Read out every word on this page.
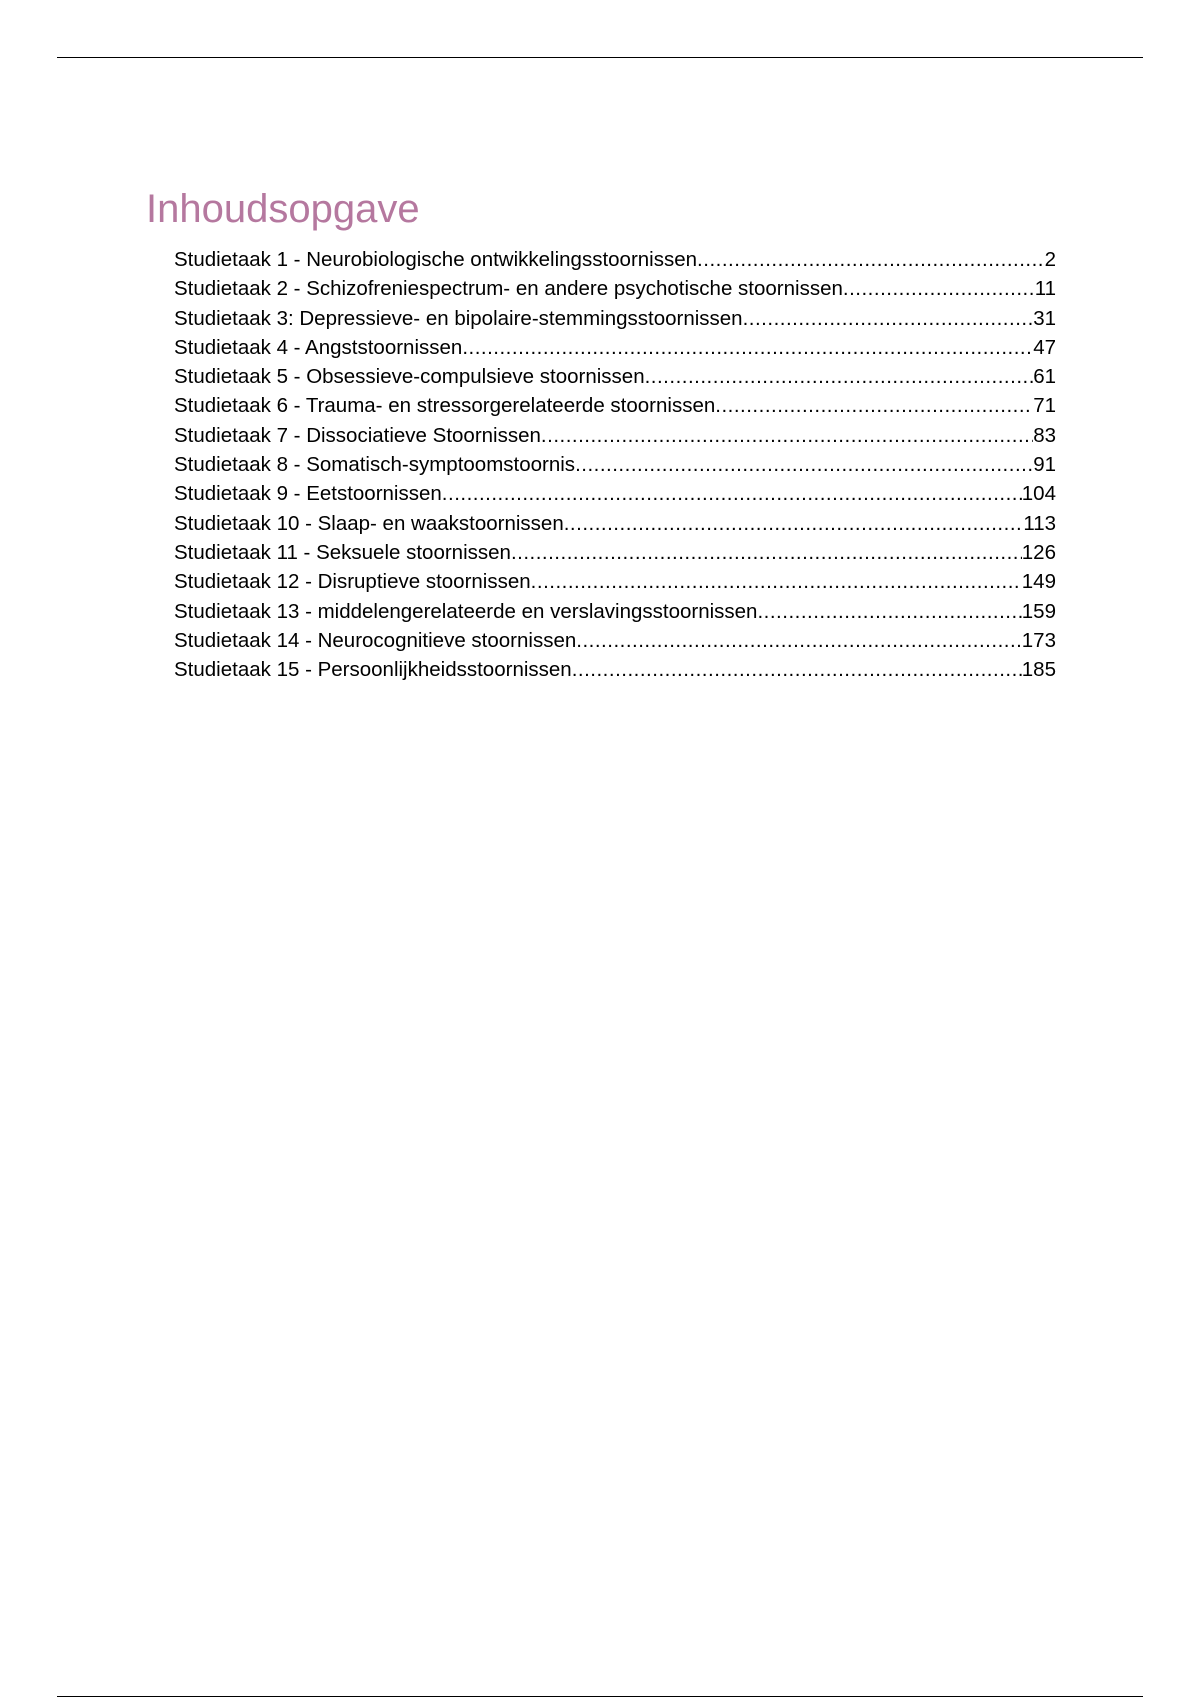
Inhoudsopgave
Studietaak 1 - Neurobiologische ontwikkelingsstoornissen .....	2
Studietaak 2 - Schizofreniespectrum- en andere psychotische stoornissen .....	11
Studietaak 3: Depressieve- en bipolaire-stemmingsstoornissen .....	31
Studietaak 4 - Angststoornissen .....	47
Studietaak 5 - Obsessieve-compulsieve stoornissen .....	61
Studietaak 6 - Trauma- en stressorgerelateerde stoornissen .....	71
Studietaak 7 - Dissociatieve Stoornissen .....	83
Studietaak 8 - Somatisch-symptoomstoornis .....	91
Studietaak 9 - Eetstoornissen .....	104
Studietaak 10 - Slaap- en waakstoornissen .....	113
Studietaak 11 - Seksuele stoornissen .....	126
Studietaak 12 - Disruptieve stoornissen .....	149
Studietaak 13 - middelengerelateerde en verslavingsstoornissen .....	159
Studietaak 14 - Neurocognitieve stoornissen .....	173
Studietaak 15 - Persoonlijkheidsstoornissen .....	185
